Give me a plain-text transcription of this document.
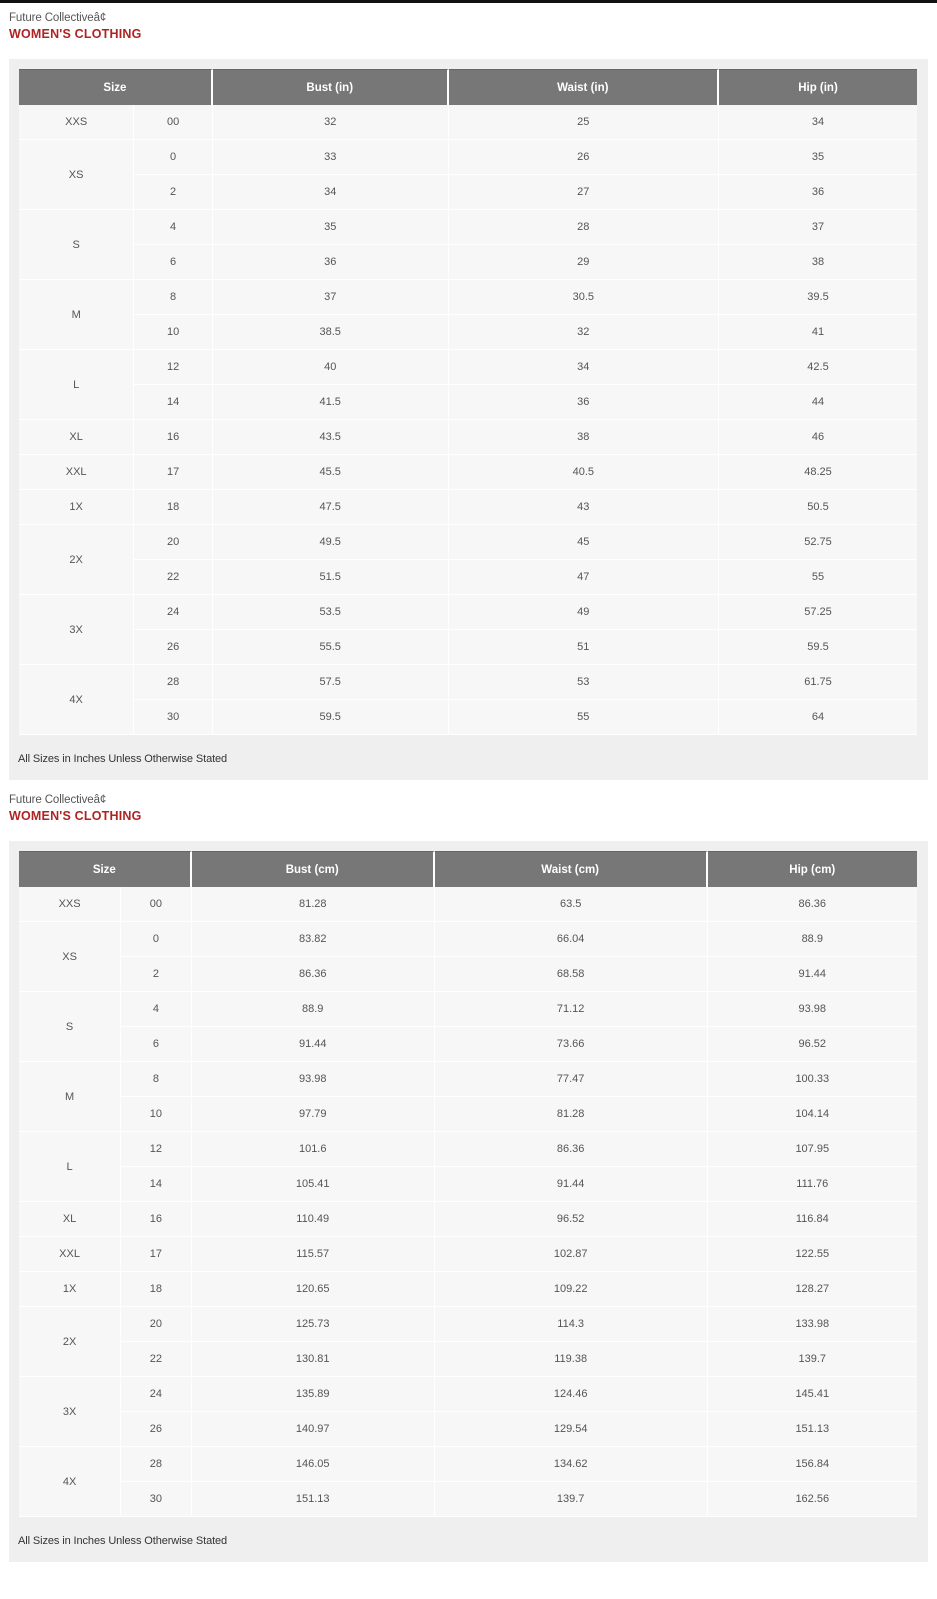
Future Collectiveâ¢
WOMEN'S CLOTHING
Size		Bust (in)	Waist (in)	Hip (in)
XXS	00	32	25	34
XS	0	33	26	35
	2	34	27	36
S	4	35	28	37
	6	36	29	38
M	8	37	30.5	39.5
	10	38.5	32	41
L	12	40	34	42.5
	14	41.5	36	44
XL	16	43.5	38	46
XXL	17	45.5	40.5	48.25
1X	18	47.5	43	50.5
2X	20	49.5	45	52.75
	22	51.5	47	55
3X	24	53.5	49	57.25
	26	55.5	51	59.5
4X	28	57.5	53	61.75
	30	59.5	55	64
All Sizes in Inches Unless Otherwise Stated
Future Collectiveâ¢
WOMEN'S CLOTHING
Size		Bust (cm)	Waist (cm)	Hip (cm)
XXS	00	81.28	63.5	86.36
XS	0	83.82	66.04	88.9
	2	86.36	68.58	91.44
S	4	88.9	71.12	93.98
	6	91.44	73.66	96.52
M	8	93.98	77.47	100.33
	10	97.79	81.28	104.14
L	12	101.6	86.36	107.95
	14	105.41	91.44	111.76
XL	16	110.49	96.52	116.84
XXL	17	115.57	102.87	122.55
1X	18	120.65	109.22	128.27
2X	20	125.73	114.3	133.98
	22	130.81	119.38	139.7
3X	24	135.89	124.46	145.41
	26	140.97	129.54	151.13
4X	28	146.05	134.62	156.84
	30	151.13	139.7	162.56
All Sizes in Inches Unless Otherwise Stated
